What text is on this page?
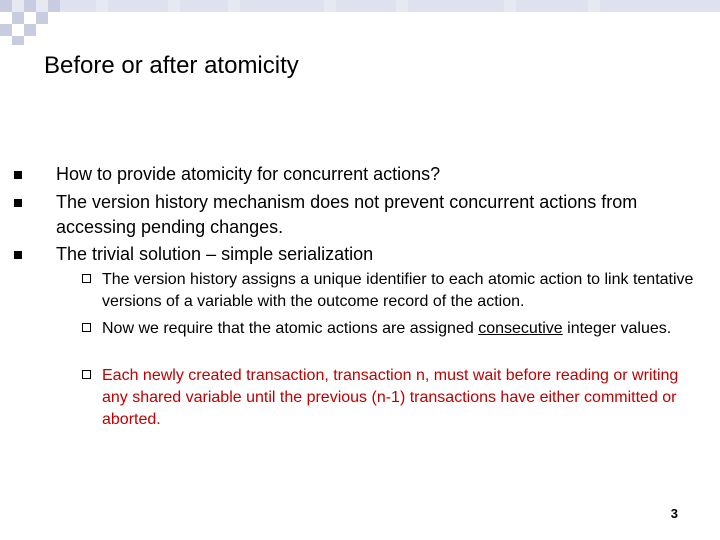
Before or after atomicity
How to provide atomicity for concurrent actions?
The version history mechanism does not prevent concurrent actions from accessing pending changes.
The trivial solution – simple serialization
The version history assigns a unique identifier to each atomic action to link tentative versions of a variable with the outcome record of the action.
Now we require that the atomic actions are assigned consecutive integer values.
Each newly created transaction, transaction n, must wait before reading or writing any shared variable until the previous (n-1) transactions have either committed or aborted.
3
